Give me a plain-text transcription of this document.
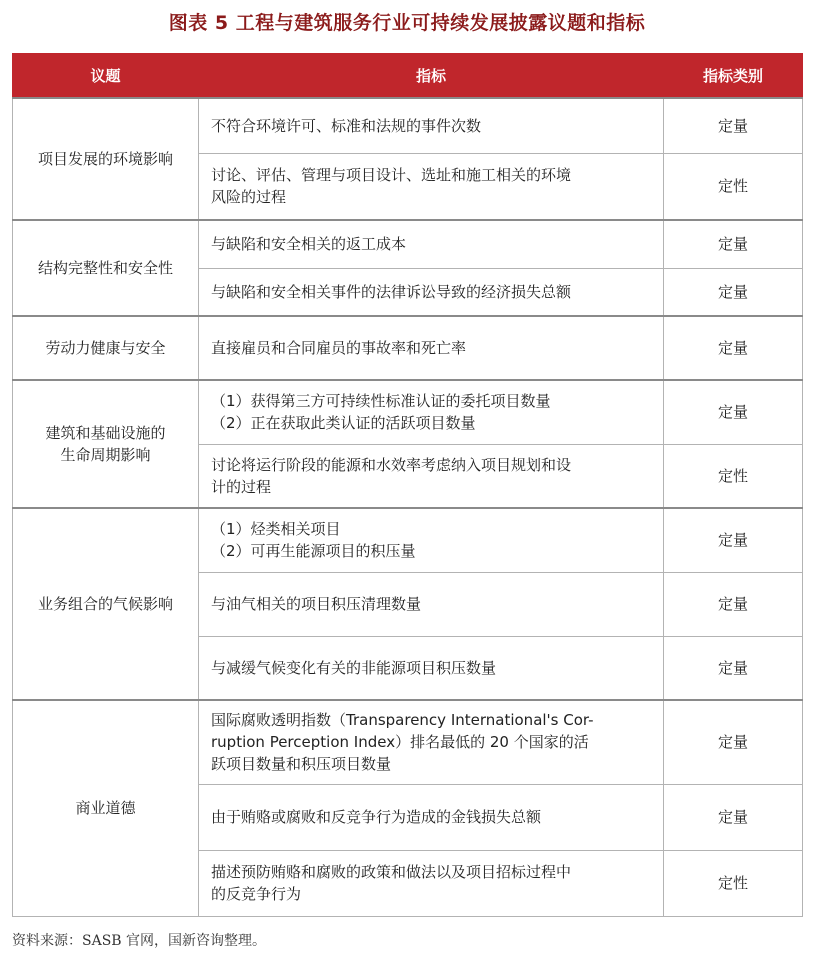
图表 5 工程与建筑服务行业可持续发展披露议题和指标
议题	指标	指标类别
项目发展的环境影响	不符合环境许可、标准和法规的事件次数	定量
	讨论、评估、管理与项目设计、选址和施工相关的环境
风险的过程	定性
结构完整性和安全性	与缺陷和安全相关的返工成本	定量
	与缺陷和安全相关事件的法律诉讼导致的经济损失总额	定量
劳动力健康与安全	直接雇员和合同雇员的事故率和死亡率	定量
建筑和基础设施的
生命周期影响	（1）获得第三方可持续性标准认证的委托项目数量
（2）正在获取此类认证的活跃项目数量	定量
	讨论将运行阶段的能源和水效率考虑纳入项目规划和设
计的过程	定性
业务组合的气候影响	（1）烃类相关项目
（2）可再生能源项目的积压量	定量
	与油气相关的项目积压清理数量	定量
	与减缓气候变化有关的非能源项目积压数量	定量
商业道德	国际腐败透明指数（Transparency International's Cor-
ruption Perception Index）排名最低的 20 个国家的活
跃项目数量和积压项目数量	定量
	由于贿赂或腐败和反竞争行为造成的金钱损失总额	定量
	描述预防贿赂和腐败的政策和做法以及项目招标过程中
的反竞争行为	定性
资料来源：SASB 官网，国新咨询整理。
